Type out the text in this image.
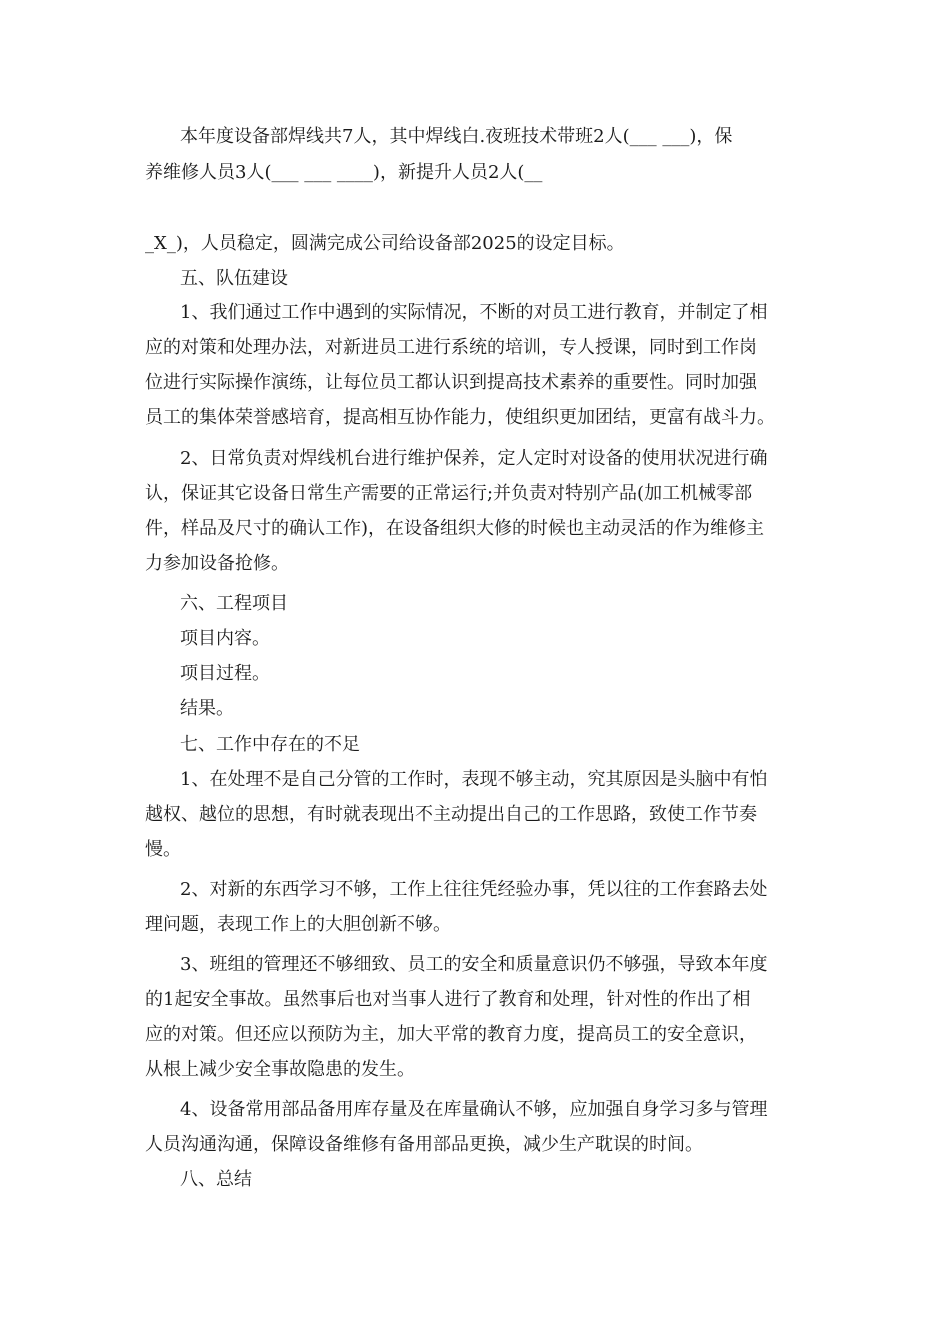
本年度设备部焊线共7人，其中焊线白.夜班技术带班2人(___ ___)，保
养维修人员3人(___ ___ ____)，新提升人员2人(__
_X_)，人员稳定，圆满完成公司给设备部2025的设定目标。
五、队伍建设
1、我们通过工作中遇到的实际情况，不断的对员工进行教育，并制定了相
应的对策和处理办法，对新进员工进行系统的培训，专人授课，同时到工作岗
位进行实际操作演练，让每位员工都认识到提高技术素养的重要性。同时加强
员工的集体荣誉感培育，提高相互协作能力，使组织更加团结，更富有战斗力。
2、日常负责对焊线机台进行维护保养，定人定时对设备的使用状况进行确
认，保证其它设备日常生产需要的正常运行;并负责对特别产品(加工机械零部
件，样品及尺寸的确认工作)，在设备组织大修的时候也主动灵活的作为维修主
力参加设备抢修。
六、工程项目
项目内容。
项目过程。
结果。
七、工作中存在的不足
1、在处理不是自己分管的工作时，表现不够主动，究其原因是头脑中有怕
越权、越位的思想，有时就表现出不主动提出自己的工作思路，致使工作节奏
慢。
2、对新的东西学习不够，工作上往往凭经验办事，凭以往的工作套路去处
理问题，表现工作上的大胆创新不够。
3、班组的管理还不够细致、员工的安全和质量意识仍不够强，导致本年度
的1起安全事故。虽然事后也对当事人进行了教育和处理，针对性的作出了相
应的对策。但还应以预防为主，加大平常的教育力度，提高员工的安全意识，
从根上减少安全事故隐患的发生。
4、设备常用部品备用库存量及在库量确认不够，应加强自身学习多与管理
人员沟通沟通，保障设备维修有备用部品更换，减少生产耽误的时间。
八、总结
